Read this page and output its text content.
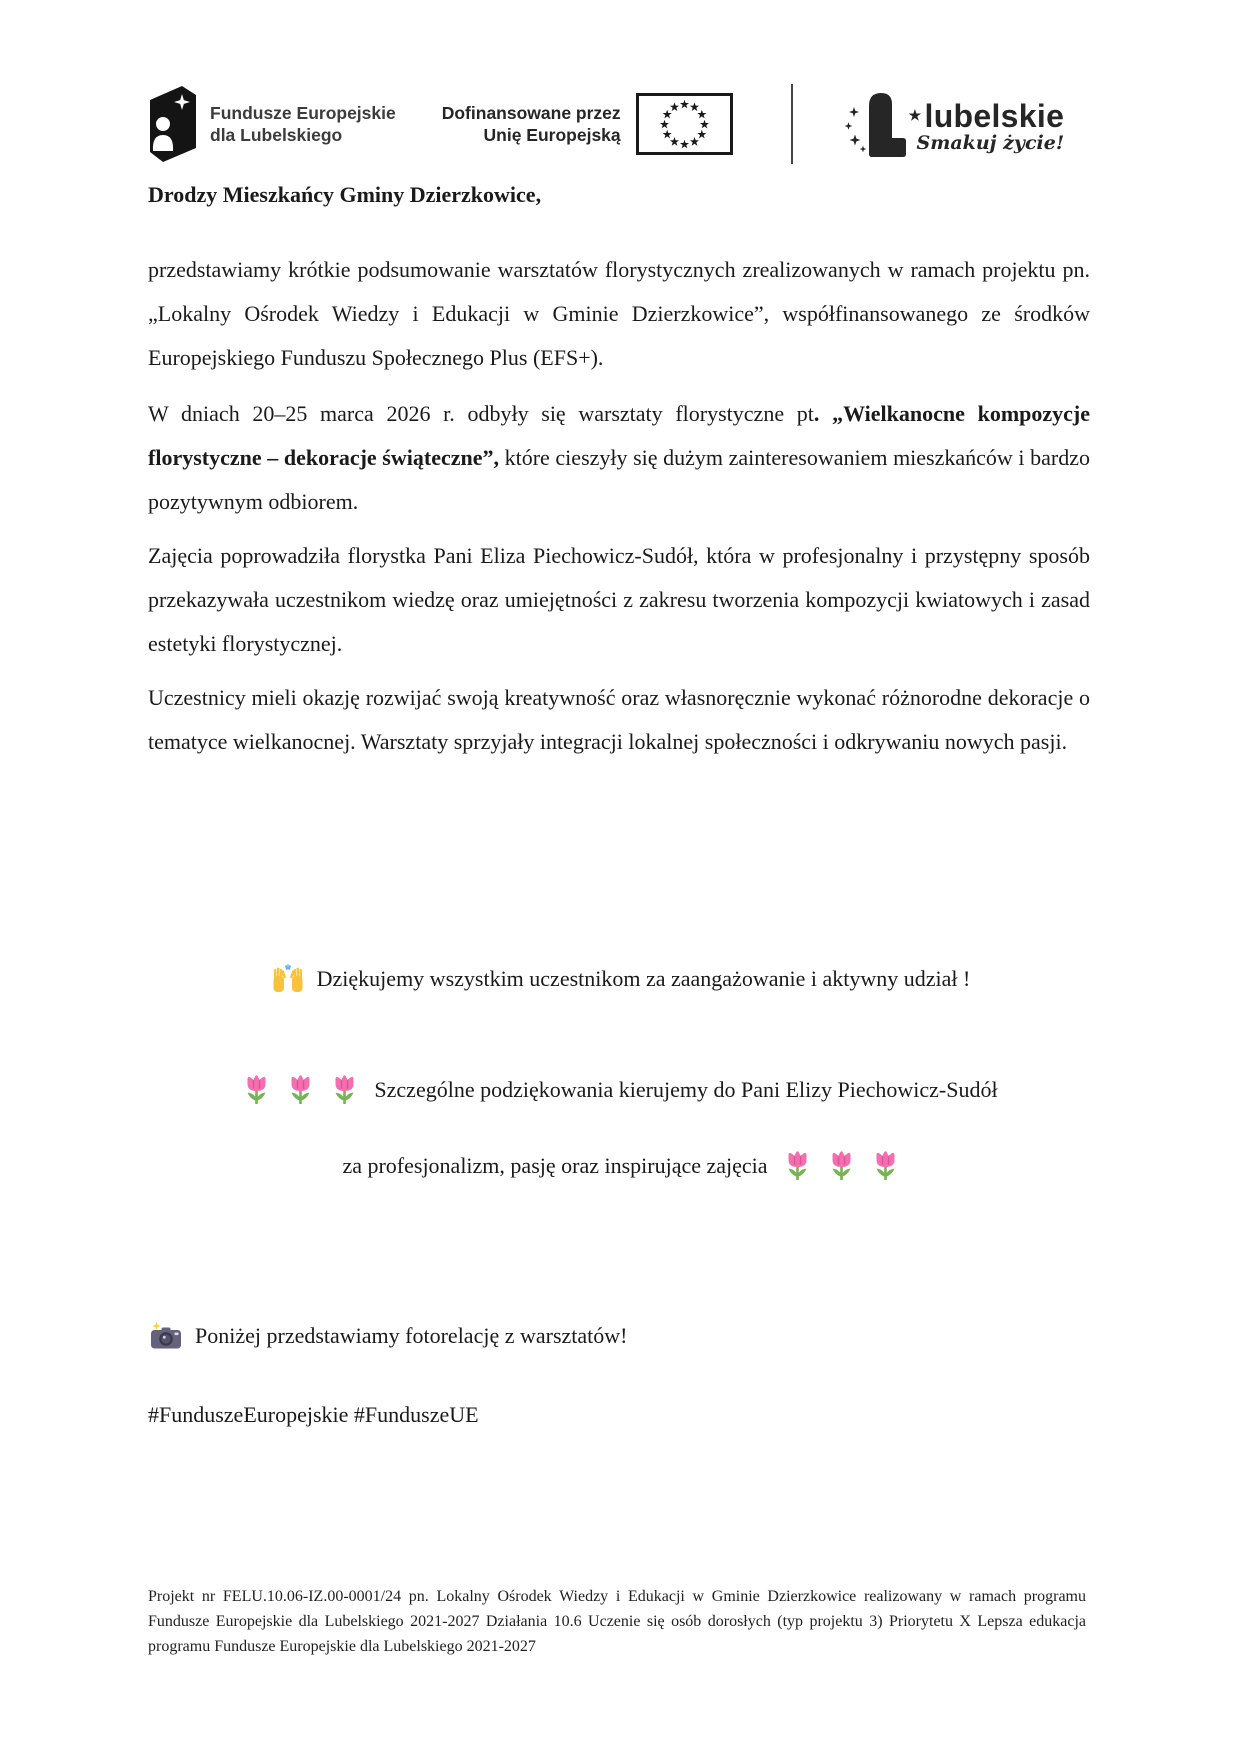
Fundusze Europejskie
dla Lubelskiego
Dofinansowane przez
Unię Europejską
★ lubelskie
Smakuj życie!
Drodzy Mieszkańcy Gminy Dzierzkowice,

przedstawiamy krótkie podsumowanie warsztatów florystycznych zrealizowanych w ramach projektu pn. „Lokalny Ośrodek Wiedzy i Edukacji w Gminie Dzierzkowice”, współfinansowanego ze środków Europejskiego Funduszu Społecznego Plus (EFS+).

W dniach 20–25 marca 2026 r. odbyły się warsztaty florystyczne pt. „Wielkanocne kompozycje florystyczne – dekoracje świąteczne”, które cieszyły się dużym zainteresowaniem mieszkańców i bardzo pozytywnym odbiorem.

Zajęcia poprowadziła florystka Pani Eliza Piechowicz-Sudół, która w profesjonalny i przystępny sposób przekazywała uczestnikom wiedzę oraz umiejętności z zakresu tworzenia kompozycji kwiatowych i zasad estetyki florystycznej.

Uczestnicy mieli okazję rozwijać swoją kreatywność oraz własnoręcznie wykonać różnorodne dekoracje o tematyce wielkanocnej. Warsztaty sprzyjały integracji lokalnej społeczności i odkrywaniu nowych pasji.

Dziękujemy wszystkim uczestnikom za zaangażowanie i aktywny udział !
Szczególne podziękowania kierujemy do Pani Elizy Piechowicz-Sudół
za profesjonalizm, pasję oraz inspirujące zajęcia
Poniżej przedstawiamy fotorelację z warsztatów!
#FunduszeEuropejskie #FunduszeUE
Projekt nr FELU.10.06-IZ.00-0001/24 pn. Lokalny Ośrodek Wiedzy i Edukacji w Gminie Dzierzkowice realizowany w ramach programu Fundusze Europejskie dla Lubelskiego 2021-2027 Działania 10.6 Uczenie się osób dorosłych (typ projektu 3) Priorytetu X Lepsza edukacja programu Fundusze Europejskie dla Lubelskiego 2021-2027
